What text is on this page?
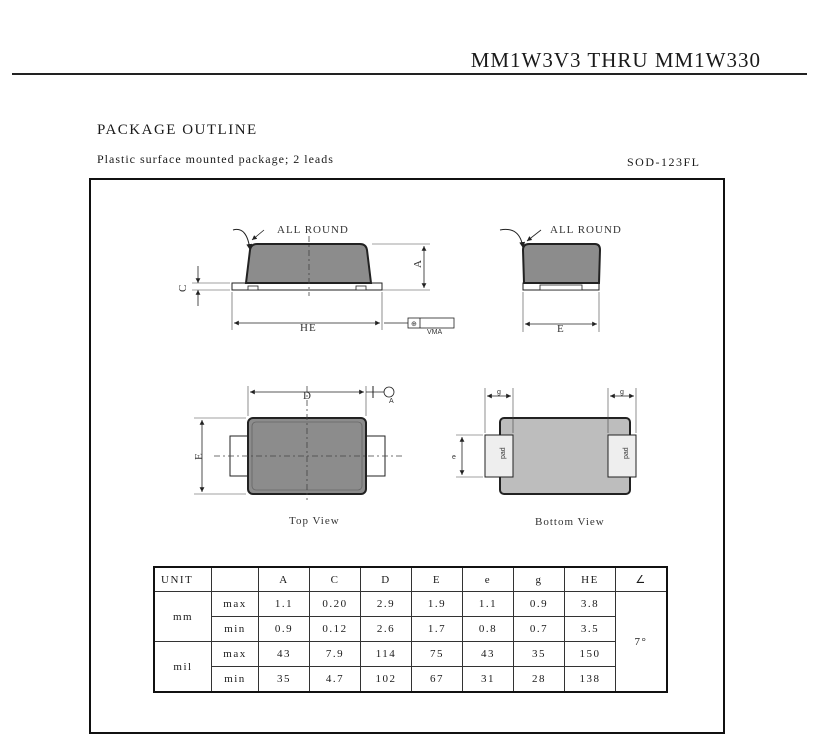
MM1W3V3 THRU MM1W330
PACKAGE OUTLINE
Plastic surface mounted package; 2 leads	SOD-123FL
ALL ROUND
A
C
HE	⊕
VMA
ALL ROUND
E
D	A
E
Top View
pad	pad
g	g
e
Bottom View
UNIT		A	C	D	E	e	g	HE	∠
mm	max	1.1	0.20	2.9	1.9	1.1	0.9	3.8	7°
	min	0.9	0.12	2.6	1.7	0.8	0.7	3.5	
mil	max	43	7.9	114	75	43	35	150	
	min	35	4.7	102	67	31	28	138	
